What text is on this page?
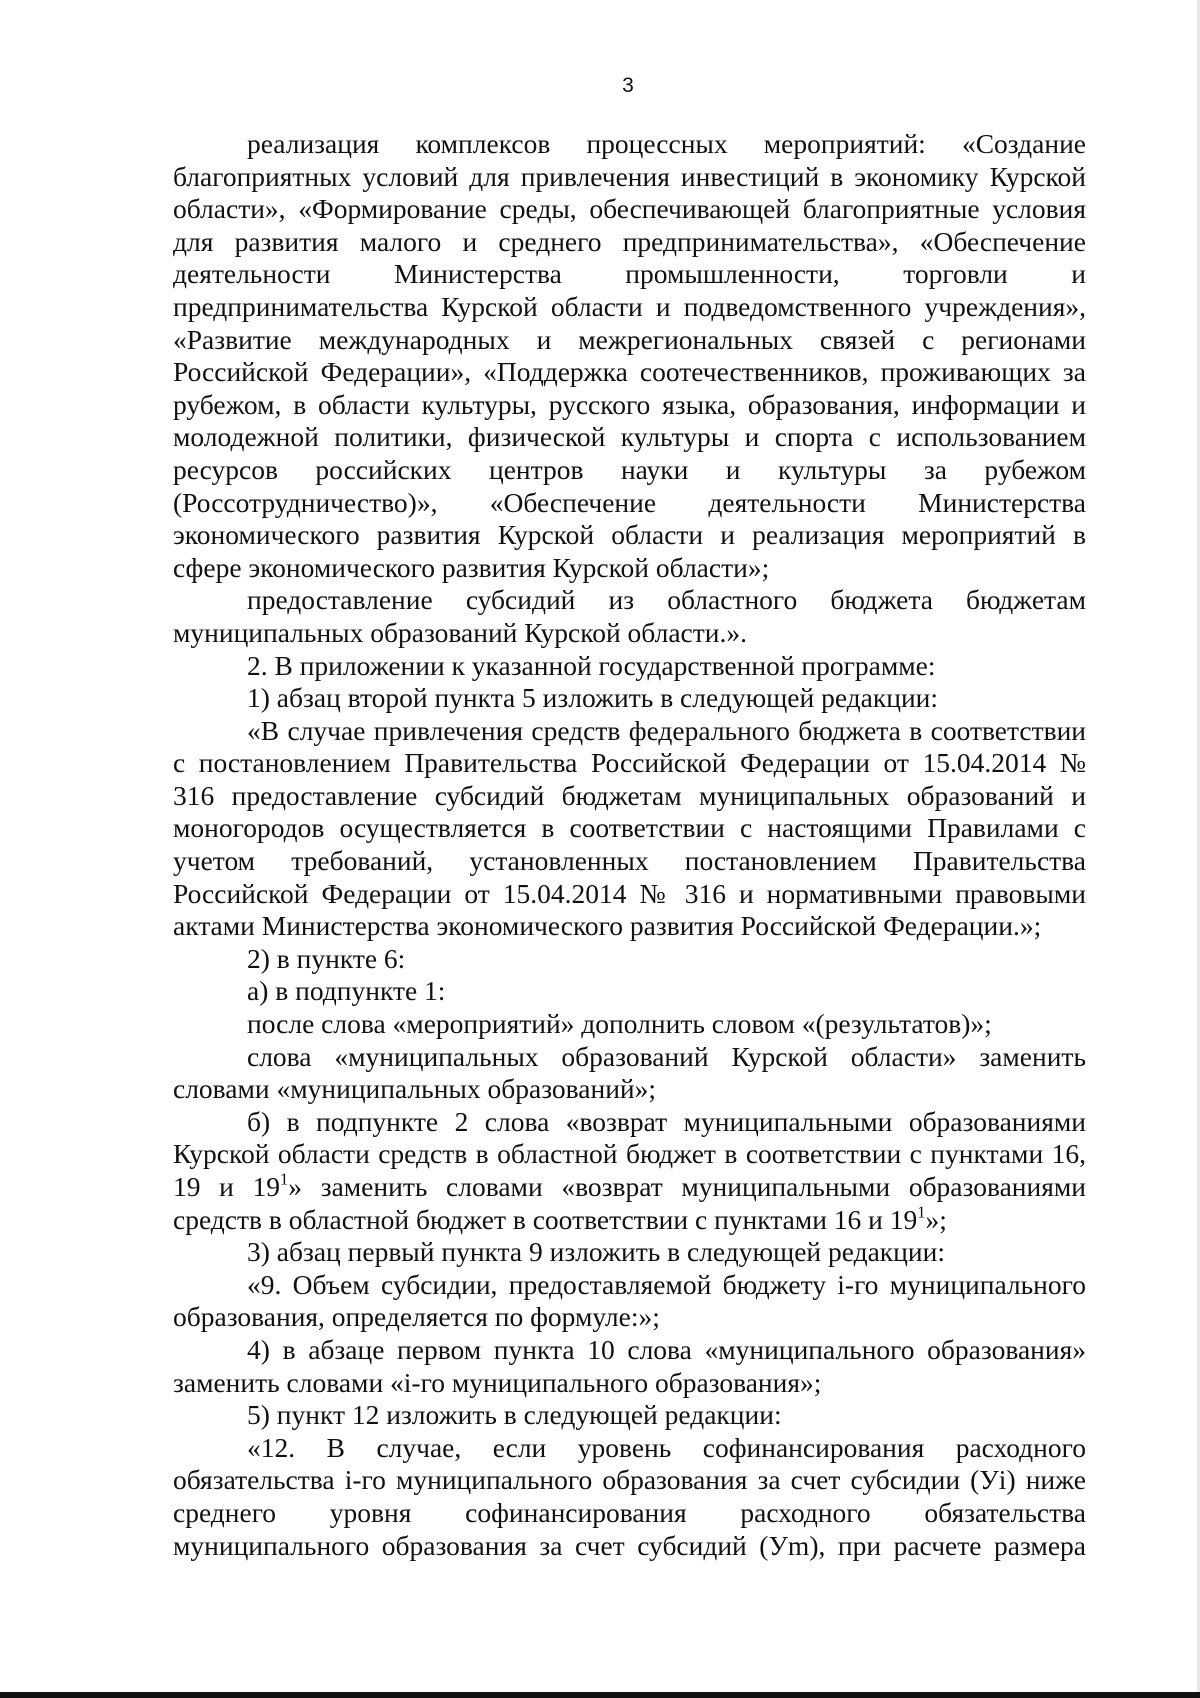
3

реализация комплексов процессных мероприятий: «Создание благоприятных условий для привлечения инвестиций в экономику Курской области», «Формирование среды, обеспечивающей благоприятные условия для развития малого и среднего предпринимательства», «Обеспечение деятельности Министерства промышленности, торговли и предпринимательства Курской области и подведомственного учреждения», «Развитие международных и межрегиональных связей с регионами Российской Федерации», «Поддержка соотечественников, проживающих за рубежом, в области культуры, русского языка, образования, информации и молодежной политики, физической культуры и спорта с использованием ресурсов российских центров науки и культуры за рубежом (Россотрудничество)», «Обеспечение деятельности Министерства экономического развития Курской области и реализация мероприятий в сфере экономического развития Курской области»;

предоставление субсидий из областного бюджета бюджетам муниципальных образований Курской области.».

2. В приложении к указанной государственной программе:

1) абзац второй пункта 5 изложить в следующей редакции:

«В случае привлечения средств федерального бюджета в соответствии с постановлением Правительства Российской Федерации от 15.04.2014 № 316 предоставление субсидий бюджетам муниципальных образований и моногородов осуществляется в соответствии с настоящими Правилами с учетом требований, установленных постановлением Правительства Российской Федерации от 15.04.2014 № 316 и нормативными правовыми актами Министерства экономического развития Российской Федерации.»;

2) в пункте 6:

а) в подпункте 1:

после слова «мероприятий» дополнить словом «(результатов)»;

слова «муниципальных образований Курской области» заменить словами «муниципальных образований»;

б) в подпункте 2 слова «возврат муниципальными образованиями Курской области средств в областной бюджет в соответствии с пунктами 16, 19 и $19^1$» заменить словами «возврат муниципальными образованиями средств в областной бюджет в соответствии с пунктами 16 и $19^1$»;

3) абзац первый пункта 9 изложить в следующей редакции:

«9. Объем субсидии, предоставляемой бюджету i-го муниципального образования, определяется по формуле:»;

4) в абзаце первом пункта 10 слова «муниципального образования» заменить словами «i-го муниципального образования»;

5) пункт 12 изложить в следующей редакции:

«12. В случае, если уровень софинансирования расходного обязательства i-го муниципального образования за счет субсидии (Уi) ниже среднего уровня софинансирования расходного обязательства муниципального образования за счет субсидий (Уm), при расчете размера
